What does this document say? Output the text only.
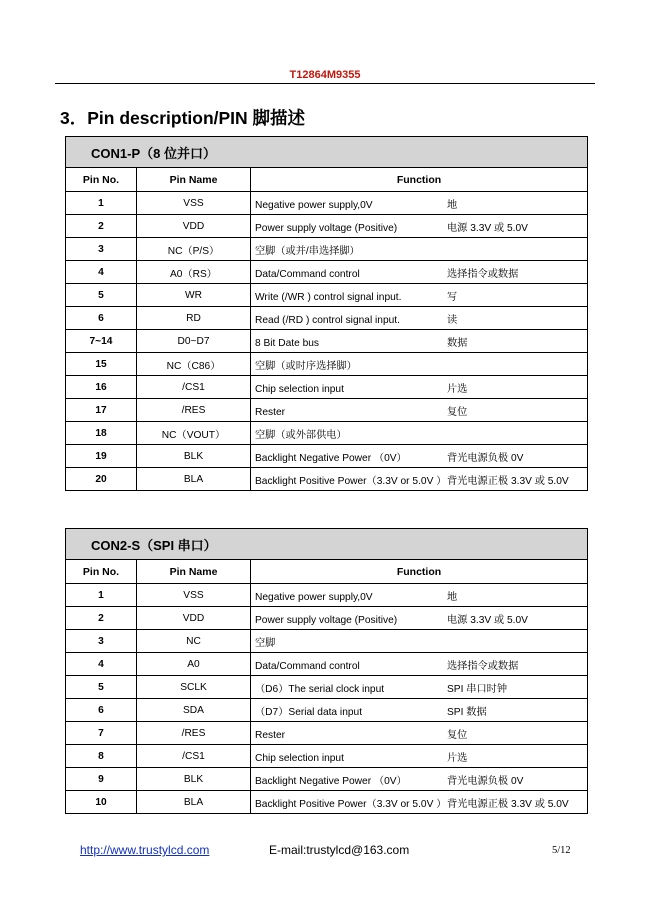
T12864M9355
3．Pin description/PIN 脚描述
CON1-P（8 位并口）		
Pin No.	Pin Name	Function
1	VSS	Negative power supply,0V 地
2	VDD	Power supply voltage (Positive) 电源 3.3V 或 5.0V
3	NC（P/S）	空脚（或并/串选择脚）
4	A0（RS）	Data/Command control 选择指令或数据
5	WR	Write (/WR ) control signal input. 写
6	RD	Read (/RD ) control signal input. 读
7~14	D0~D7	8 Bit Date bus 数据
15	NC（C86）	空脚（或时序选择脚）
16	/CS1	Chip selection input 片选
17	/RES	Rester 复位
18	NC（VOUT）	空脚（或外部供电）
19	BLK	Backlight Negative Power （0V） 背光电源负极 0V
20	BLA	Backlight Positive Power（3.3V or 5.0V ）背光电源正极 3.3V 或 5.0V
CON2-S（SPI 串口）		
Pin No.	Pin Name	Function
1	VSS	Negative power supply,0V 地
2	VDD	Power supply voltage (Positive) 电源 3.3V 或 5.0V
3	NC	空脚
4	A0	Data/Command control 选择指令或数据
5	SCLK	（D6）The serial clock input SPI 串口时钟
6	SDA	（D7）Serial data input SPI 数据
7	/RES	Rester 复位
8	/CS1	Chip selection input 片选
9	BLK	Backlight Negative Power （0V） 背光电源负极 0V
10	BLA	Backlight Positive Power（3.3V or 5.0V ）背光电源正极 3.3V 或 5.0V
http://www.trustylcd.com	E-mail:trustylcd@163.com	5/12
